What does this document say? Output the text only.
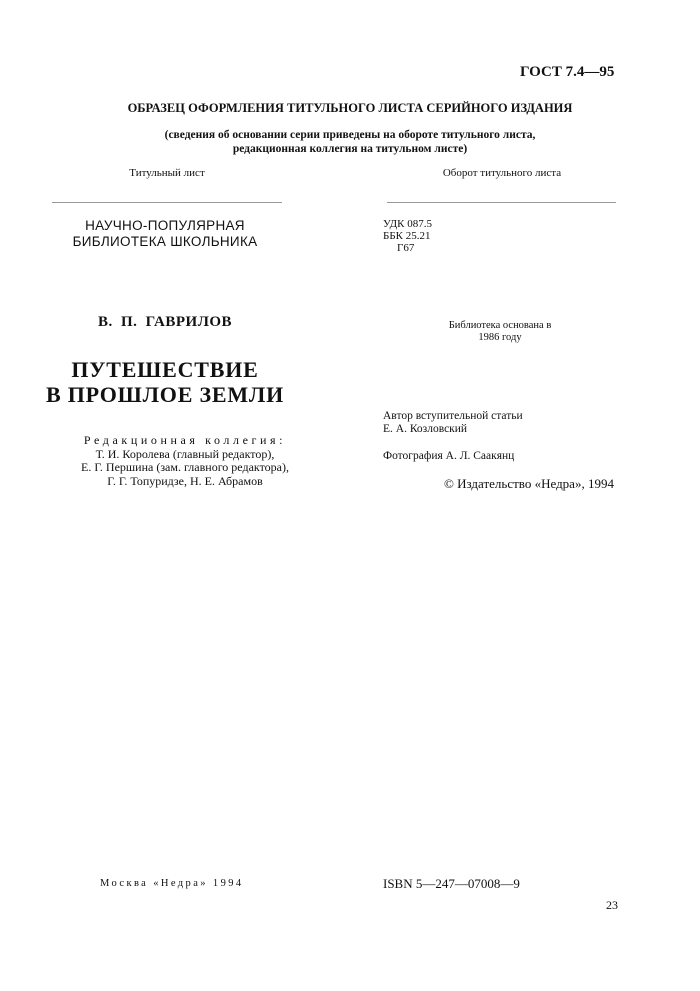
ГОСТ 7.4—95
ОБРАЗЕЦ ОФОРМЛЕНИЯ ТИТУЛЬНОГО ЛИСТА СЕРИЙНОГО ИЗДАНИЯ
(сведения об основании серии приведены на обороте титульного листа,
редакционная коллегия на титульном листе)
Титульный лист	Оборот титульного листа
НАУЧНО-ПОПУЛЯРНАЯ
БИБЛИОТЕКА ШКОЛЬНИКА
УДК 087.5
ББК 25.21
Г67
В. П. ГАВРИЛОВ
ПУТЕШЕСТВИЕ
В ПРОШЛОЕ ЗЕМЛИ
Редакционная коллегия:
Т. И. Королева (главный редактор),
Е. Г. Першина (зам. главного редактора),
Г. Г. Топуридзе, Н. Е. Абрамов
Библиотека основана в
1986 году
Автор вступительной статьи
Е. А. Козловский
Фотография А. Л. Саакянц
© Издательство «Недра», 1994
Москва «Недра» 1994	ISBN 5—247—07008—9
23
